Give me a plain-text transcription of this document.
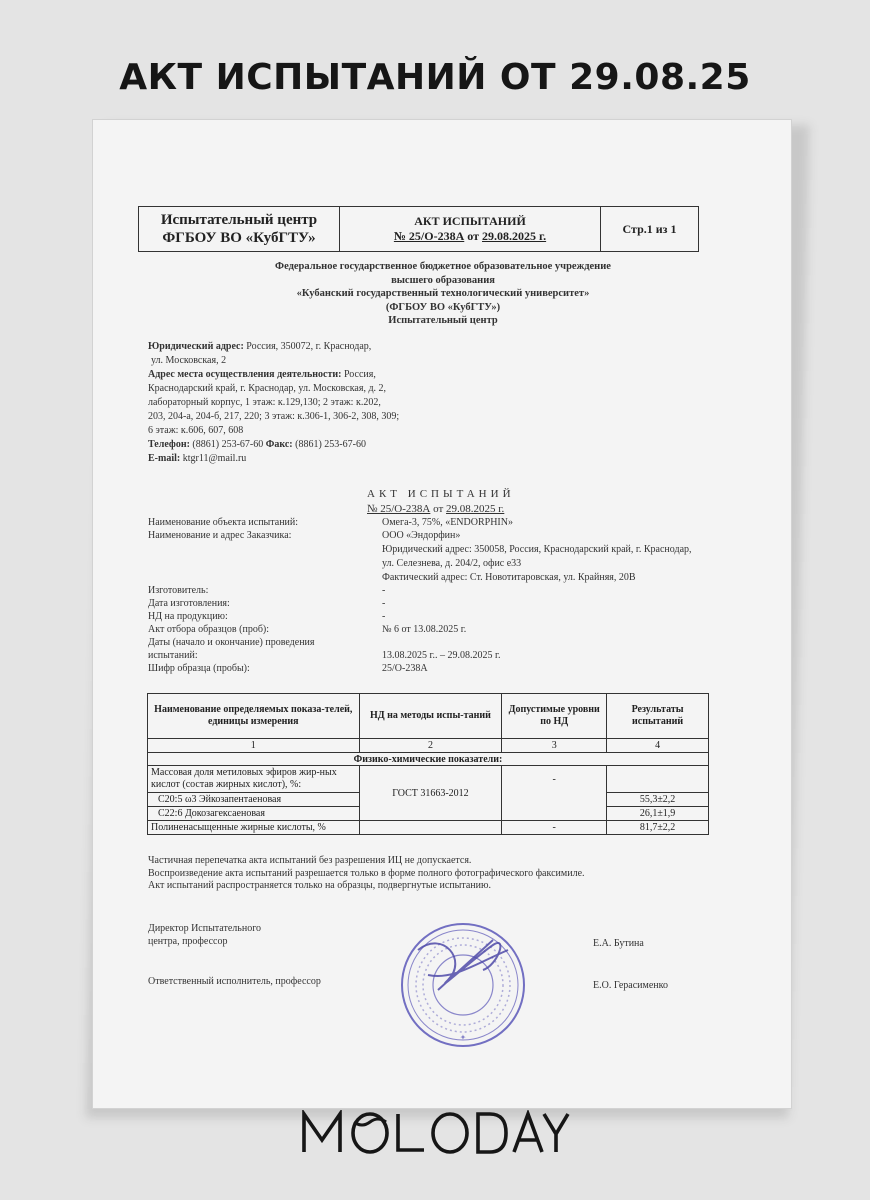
АКТ ИСПЫТАНИЙ ОТ 29.08.25
Испытательный центр
ФГБОУ ВО «КубГТУ»
АКТ ИСПЫТАНИЙ
№ 25/О-238А от 29.08.2025 г.
Стр.1 из 1
Федеральное государственное бюджетное образовательное учреждение
высшего образования
«Кубанский государственный технологический университет»
(ФГБОУ ВО «КубГТУ»)
Испытательный центр
Юридический адрес: Россия, 350072, г. Краснодар,
ул. Московская, 2
Адрес места осуществления деятельности: Россия,
Краснодарский край, г. Краснодар, ул. Московская, д. 2,
лабораторный корпус, 1 этаж: к.129,130; 2 этаж: к.202,
203, 204-а, 204-б, 217, 220; 3 этаж: к.306-1, 306-2, 308, 309;
6 этаж: к.606, 607, 608
Телефон: (8861) 253-67-60 Факс: (8861) 253-67-60
E-mail: ktgr11@mail.ru
АКТ ИСПЫТАНИЙ
№ 25/О-238А от 29.08.2025 г.
Наименование объекта испытаний:	Омега-3, 75%, «ENDORPHIN»
Наименование и адрес Заказчика:	ООО «Эндорфин»
Юридический адрес: 350058, Россия, Краснодарский край, г. Краснодар,
ул. Селезнева, д. 204/2, офис е33
Фактический адрес: Ст. Новотитаровская, ул. Крайняя, 20В
Изготовитель:	-
Дата изготовления:	-
НД на продукцию:	-
Акт отбора образцов (проб):	№ 6 от 13.08.2025 г.
Даты (начало и окончание) проведения
испытаний:	13.08.2025 г.. – 29.08.2025 г.
Шифр образца (пробы):	25/О-238А
Наименование определяемых показа-телей, единицы измерения	НД на методы испы-таний	Допустимые уровни по НД	Результаты испытаний
1	2	3	4
Физико-химические показатели:			
Массовая доля метиловых эфиров жир-ных кислот (состав жирных кислот), %:	ГОСТ 31663-2012	-	
С20:5 ω3 Эйкозапентаеновая			55,3±2,2
С22:6 Докозагексаеновая			26,1±1,9
Полиненасыщенные жирные кислоты, %		-	81,7±2,2
Частичная перепечатка акта испытаний без разрешения ИЦ не допускается.
Воспроизведение акта испытаний разрешается только в форме полного фотографического факсимиле.
Акт испытаний распространяется только на образцы, подвергнутые испытанию.
Директор Испытательного
центра, профессор	Е.А. Бутина
Ответственный исполнитель, профессор	Е.О. Герасименко
✦
